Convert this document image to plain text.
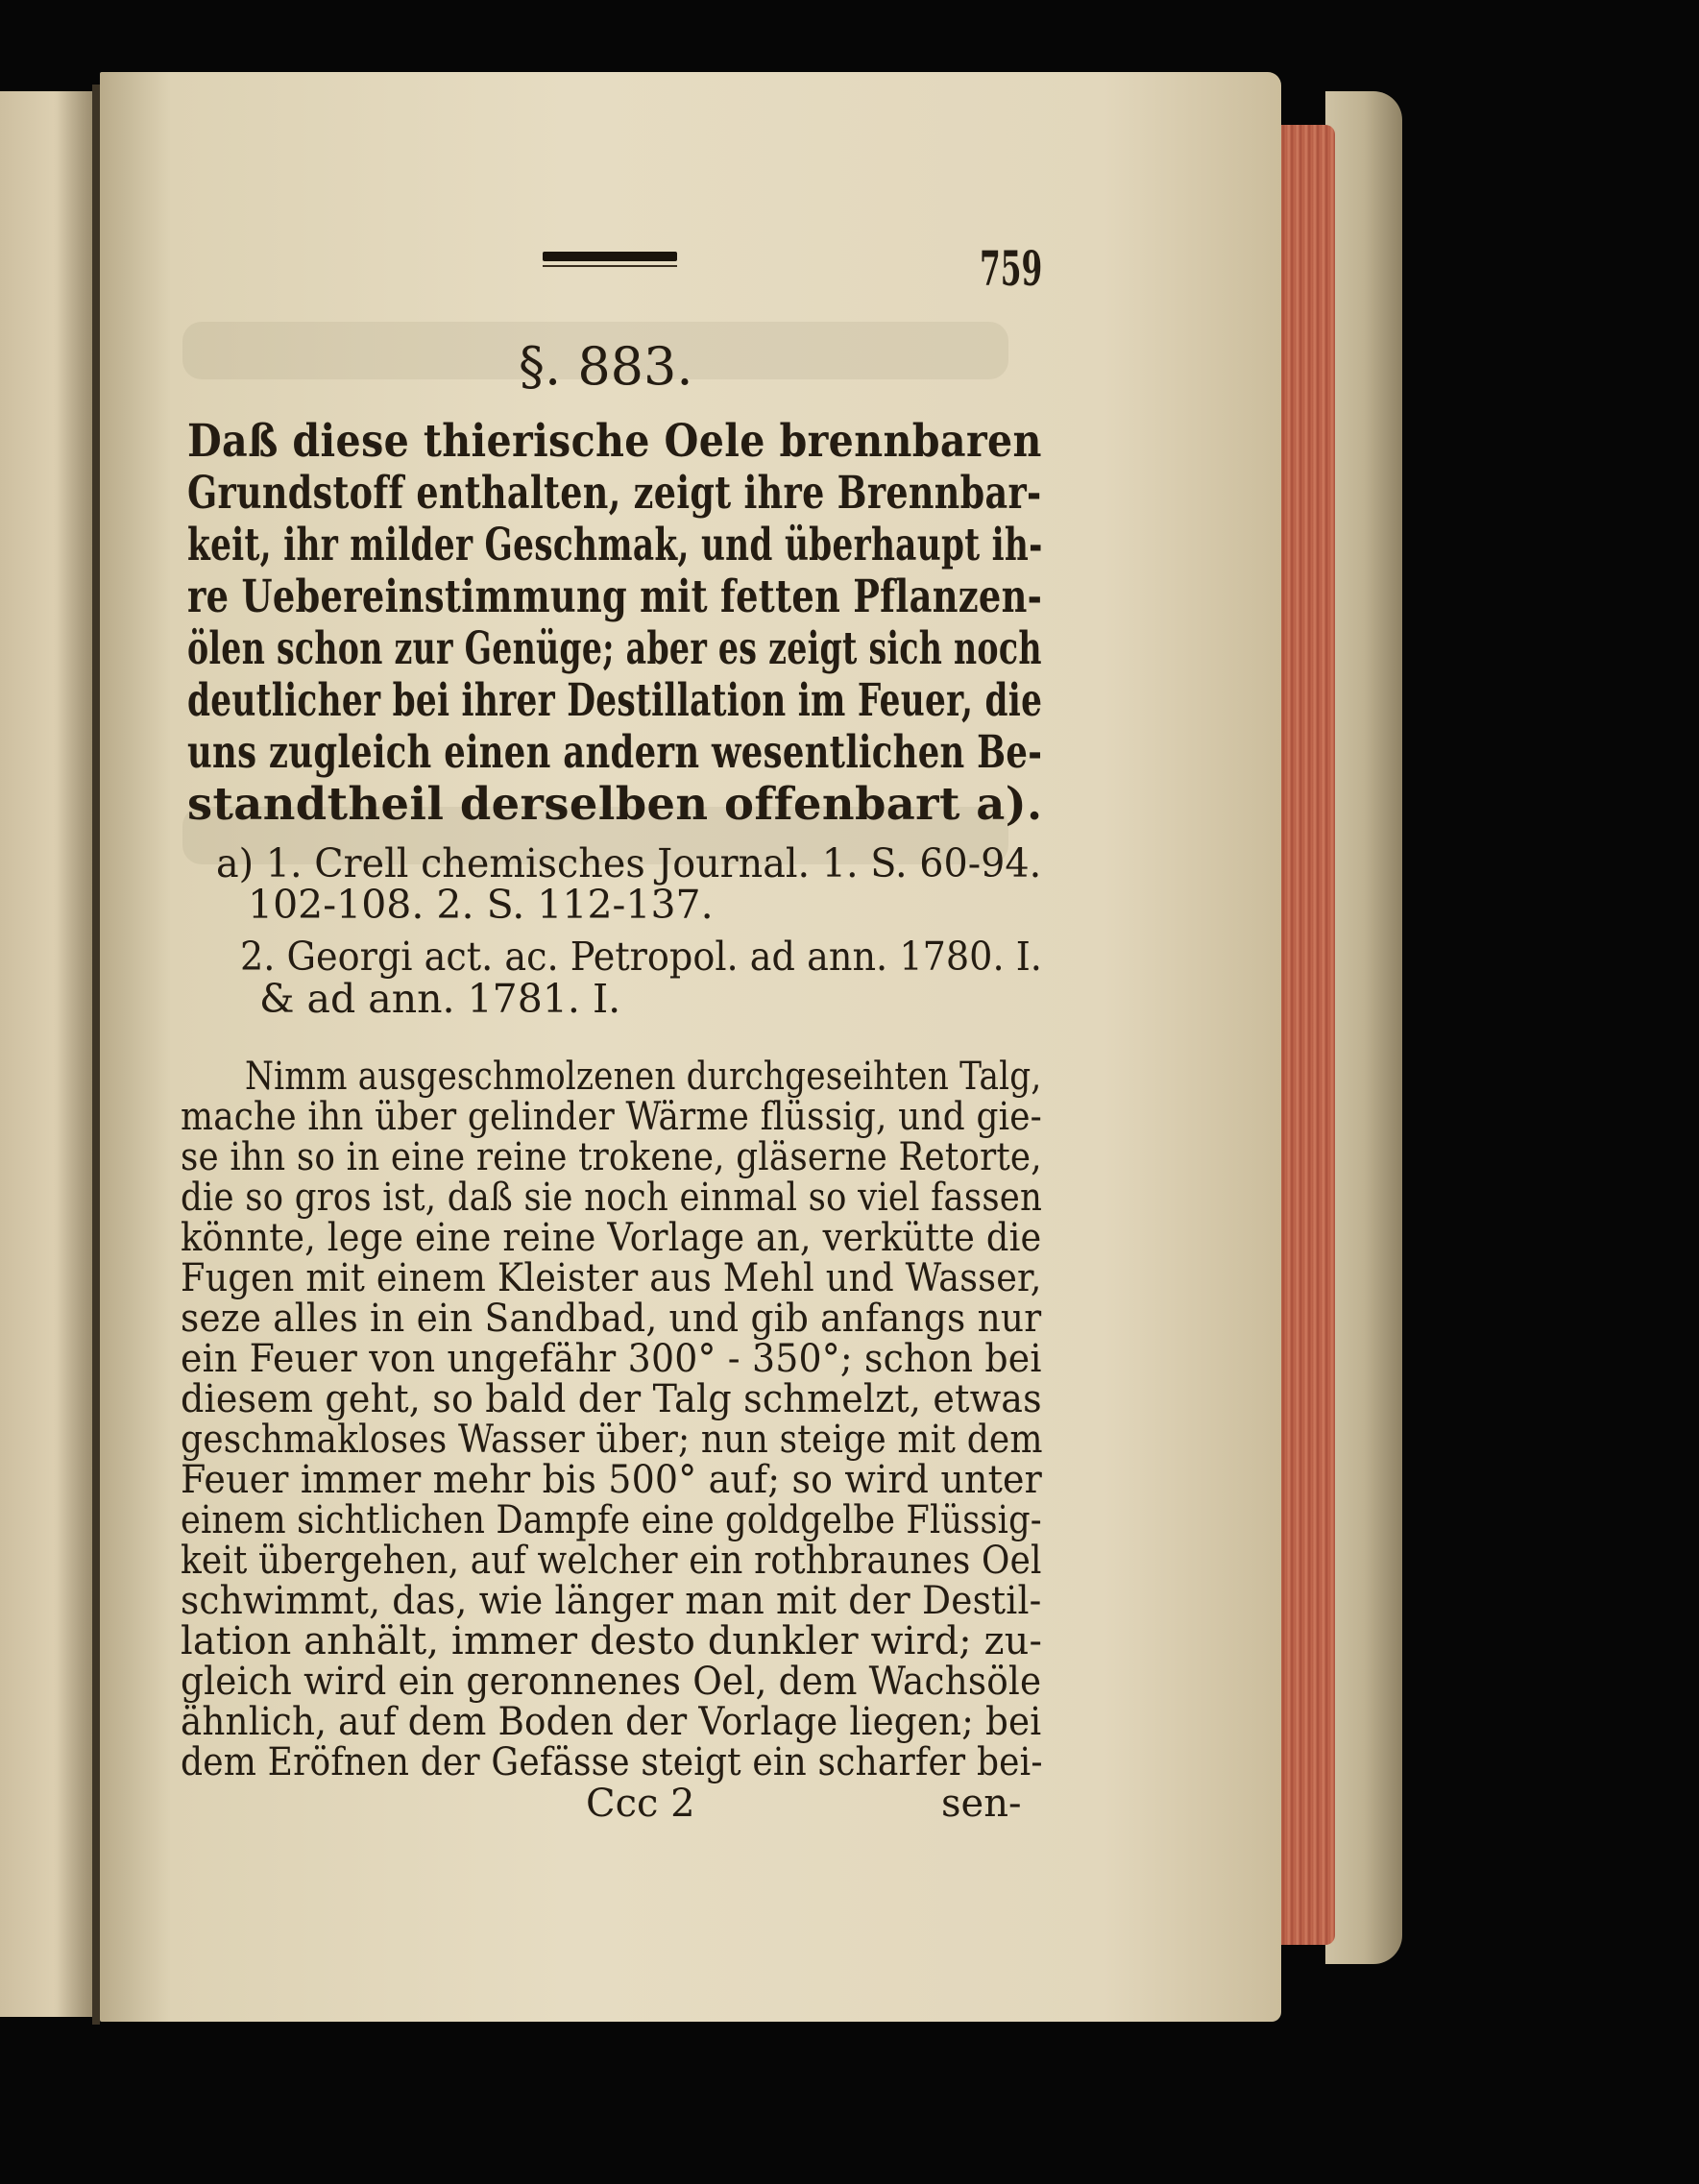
759
§. 883.
Daß diese thierische Oele brennbaren
Grundstoff enthalten, zeigt ihre Brennbar-
keit, ihr milder Geschmak, und überhaupt ih-
re Uebereinstimmung mit fetten Pflanzen-
ölen schon zur Genüge; aber es zeigt sich noch
deutlicher bei ihrer Destillation im Feuer, die
uns zugleich einen andern wesentlichen Be-
standtheil derselben offenbart a).
a) 1. Crell chemisches Journal. 1. S. 60-94.
102-108. 2. S. 112-137.
2. Georgi act. ac. Petropol. ad ann. 1780. I.
& ad ann. 1781. I.
Nimm ausgeschmolzenen durchgeseihten Talg,
mache ihn über gelinder Wärme flüssig, und gie-
se ihn so in eine reine trokene, gläserne Retorte,
die so gros ist, daß sie noch einmal so viel fassen
könnte, lege eine reine Vorlage an, verkütte die
Fugen mit einem Kleister aus Mehl und Wasser,
seze alles in ein Sandbad, und gib anfangs nur
ein Feuer von ungefähr 300° - 350°; schon bei
diesem geht, so bald der Talg schmelzt, etwas
geschmakloses Wasser über; nun steige mit dem
Feuer immer mehr bis 500° auf; so wird unter
einem sichtlichen Dampfe eine goldgelbe Flüssig-
keit übergehen, auf welcher ein rothbraunes Oel
schwimmt, das, wie länger man mit der Destil-
lation anhält, immer desto dunkler wird; zu-
gleich wird ein geronnenes Oel, dem Wachsöle
ähnlich, auf dem Boden der Vorlage liegen; bei
dem Eröfnen der Gefässe steigt ein scharfer bei-
Ccc 2	sen-
